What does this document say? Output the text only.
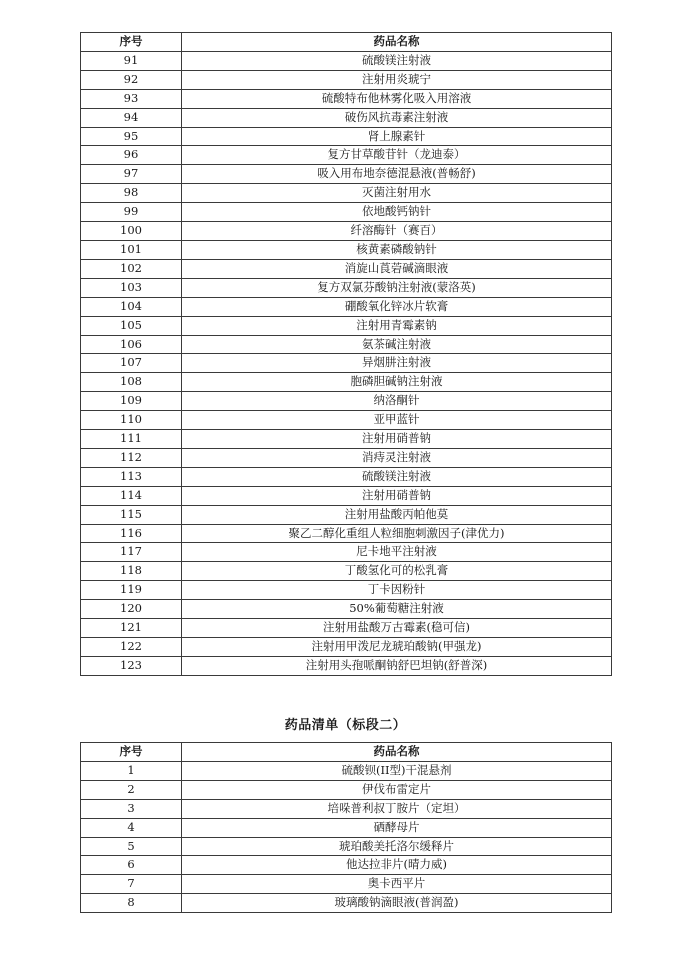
序号	药品名称
91	硫酸镁注射液
92	注射用炎琥宁
93	硫酸特布他林雾化吸入用溶液
94	破伤风抗毒素注射液
95	肾上腺素针
96	复方甘草酸苷针（龙迪泰）
97	吸入用布地奈德混悬液(普畅舒)
98	灭菌注射用水
99	依地酸钙钠针
100	纤溶酶针（赛百）
101	核黄素磷酸钠针
102	消旋山莨菪碱滴眼液
103	复方双氯芬酸钠注射液(蒙洛英)
104	硼酸氧化锌冰片软膏
105	注射用青霉素钠
106	氨茶碱注射液
107	异烟肼注射液
108	胞磷胆碱钠注射液
109	纳洛酮针
110	亚甲蓝针
111	注射用硝普钠
112	消痔灵注射液
113	硫酸镁注射液
114	注射用硝普钠
115	注射用盐酸丙帕他莫
116	聚乙二醇化重组人粒细胞刺激因子(津优力)
117	尼卡地平注射液
118	丁酸氢化可的松乳膏
119	丁卡因粉针
120	50%葡萄糖注射液
121	注射用盐酸万古霉素(稳可信)
122	注射用甲泼尼龙琥珀酸钠(甲强龙)
123	注射用头孢哌酮钠舒巴坦钠(舒普深)
药品清单（标段二）
序号	药品名称
1	硫酸钡(II型)干混悬剂
2	伊伐布雷定片
3	培哚普利叔丁胺片（定坦）
4	硒酵母片
5	琥珀酸美托洛尔缓释片
6	他达拉非片(晴力威)
7	奥卡西平片
8	玻璃酸钠滴眼液(普润盈)
